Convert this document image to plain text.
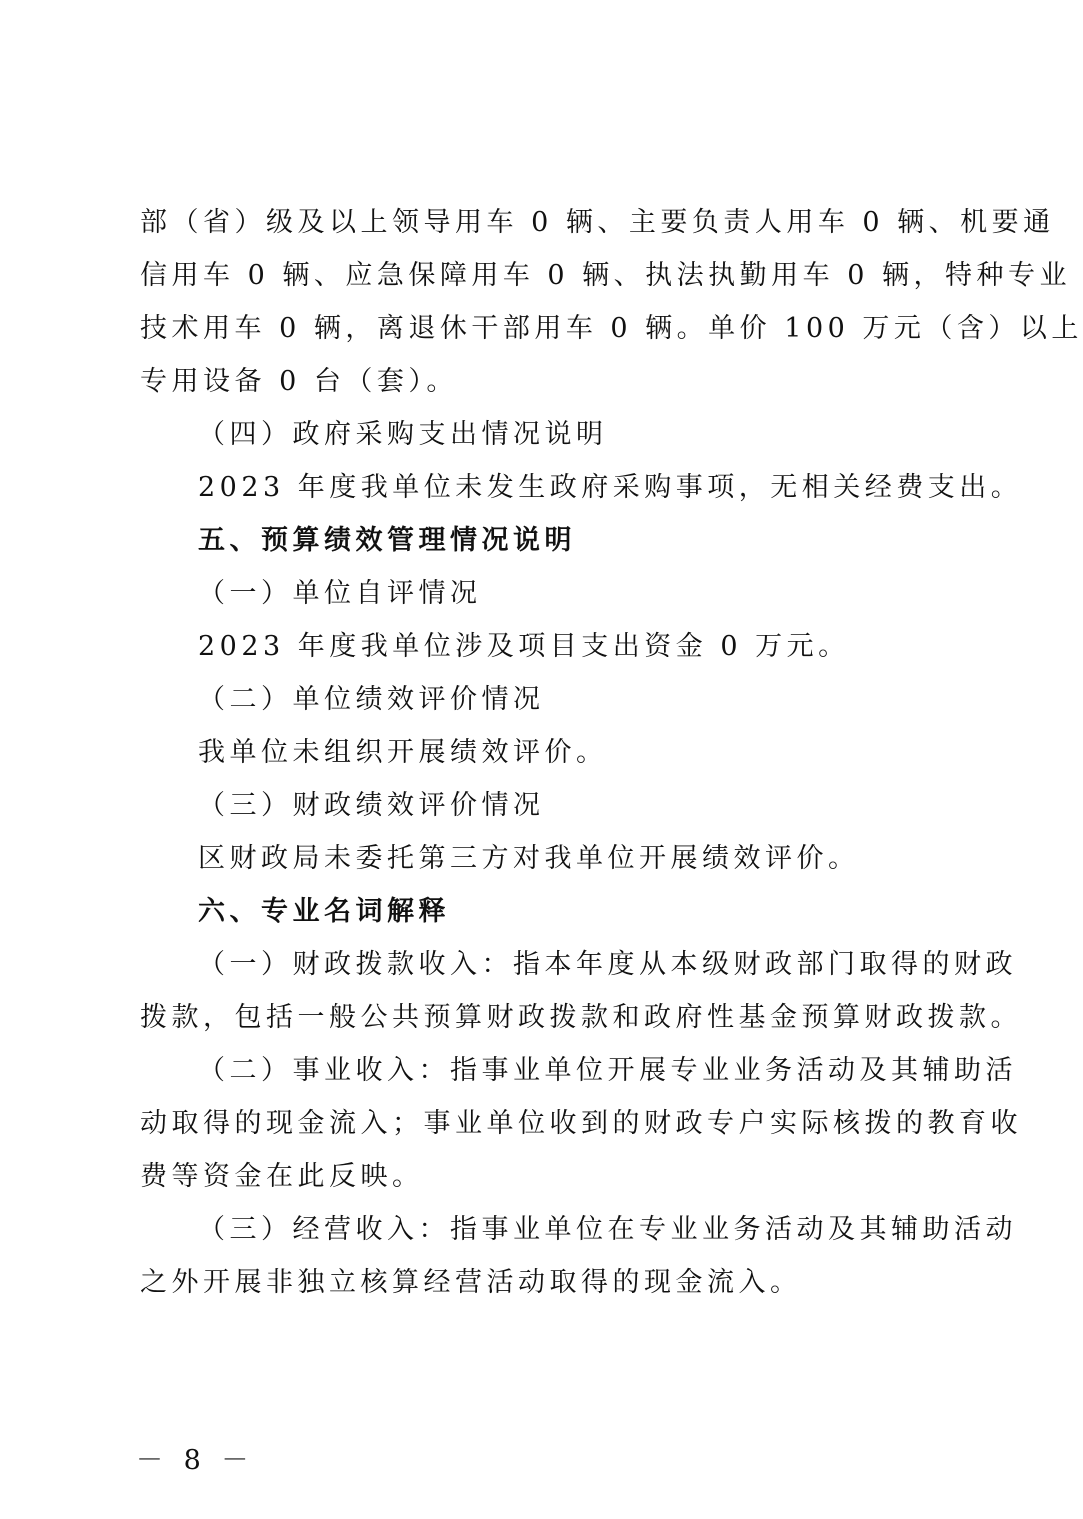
部（省）级及以上领导用车 0 辆、主要负责人用车 0 辆、机要通

信用车 0 辆、应急保障用车 0 辆、执法执勤用车 0 辆，特种专业

技术用车 0 辆，离退休干部用车 0 辆。单价 100 万元（含）以上

专用设备 0 台（套）。

（四）政府采购支出情况说明

2023 年度我单位未发生政府采购事项，无相关经费支出。

五、预算绩效管理情况说明

（一）单位自评情况

2023 年度我单位涉及项目支出资金 0 万元。

（二）单位绩效评价情况

我单位未组织开展绩效评价。

（三）财政绩效评价情况

区财政局未委托第三方对我单位开展绩效评价。

六、专业名词解释

（一）财政拨款收入：指本年度从本级财政部门取得的财政

拨款，包括一般公共预算财政拨款和政府性基金预算财政拨款。

（二）事业收入：指事业单位开展专业业务活动及其辅助活

动取得的现金流入；事业单位收到的财政专户实际核拨的教育收

费等资金在此反映。

（三）经营收入：指事业单位在专业业务活动及其辅助活动

之外开展非独立核算经营活动取得的现金流入。

－ 8 －
